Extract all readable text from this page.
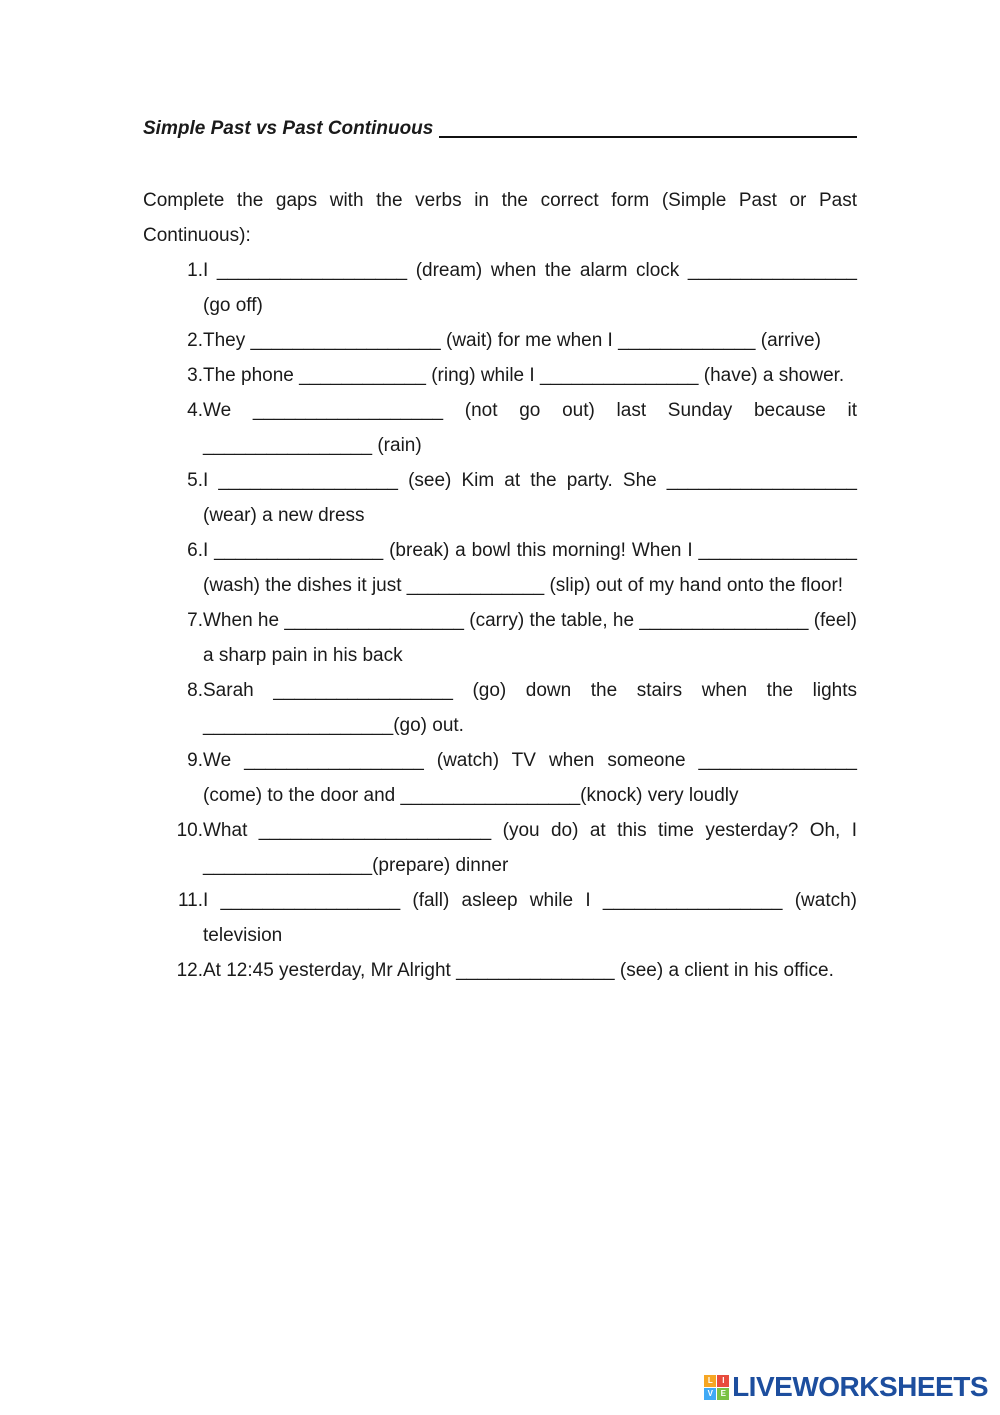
Simple Past vs Past Continuous
Complete the gaps with the verbs in the correct form (Simple Past or Past Continuous):
1. I __________________ (dream) when the alarm clock ________________ (go off)
2. They __________________ (wait) for me when I _____________ (arrive)
3. The phone ____________ (ring) while I _______________ (have) a shower.
4. We __________________ (not go out) last Sunday because it ________________ (rain)
5. I _________________ (see) Kim at the party. She __________________ (wear) a new dress
6. I ________________ (break) a bowl this morning! When I _______________ (wash) the dishes it just _____________ (slip) out of my hand onto the floor!
7. When he _________________ (carry) the table, he ________________ (feel) a sharp pain in his back
8. Sarah _________________ (go) down the stairs when the lights __________________(go) out.
9. We _________________ (watch) TV when someone _______________ (come) to the door and _________________(knock) very loudly
10. What ______________________ (you do) at this time yesterday? Oh, I ________________(prepare) dinner
11. I _________________ (fall) asleep while I _________________ (watch) television
12. At 12:45 yesterday, Mr Alright _______________ (see) a client in his office.
L	I
V	E LIVEWORKSHEETS
